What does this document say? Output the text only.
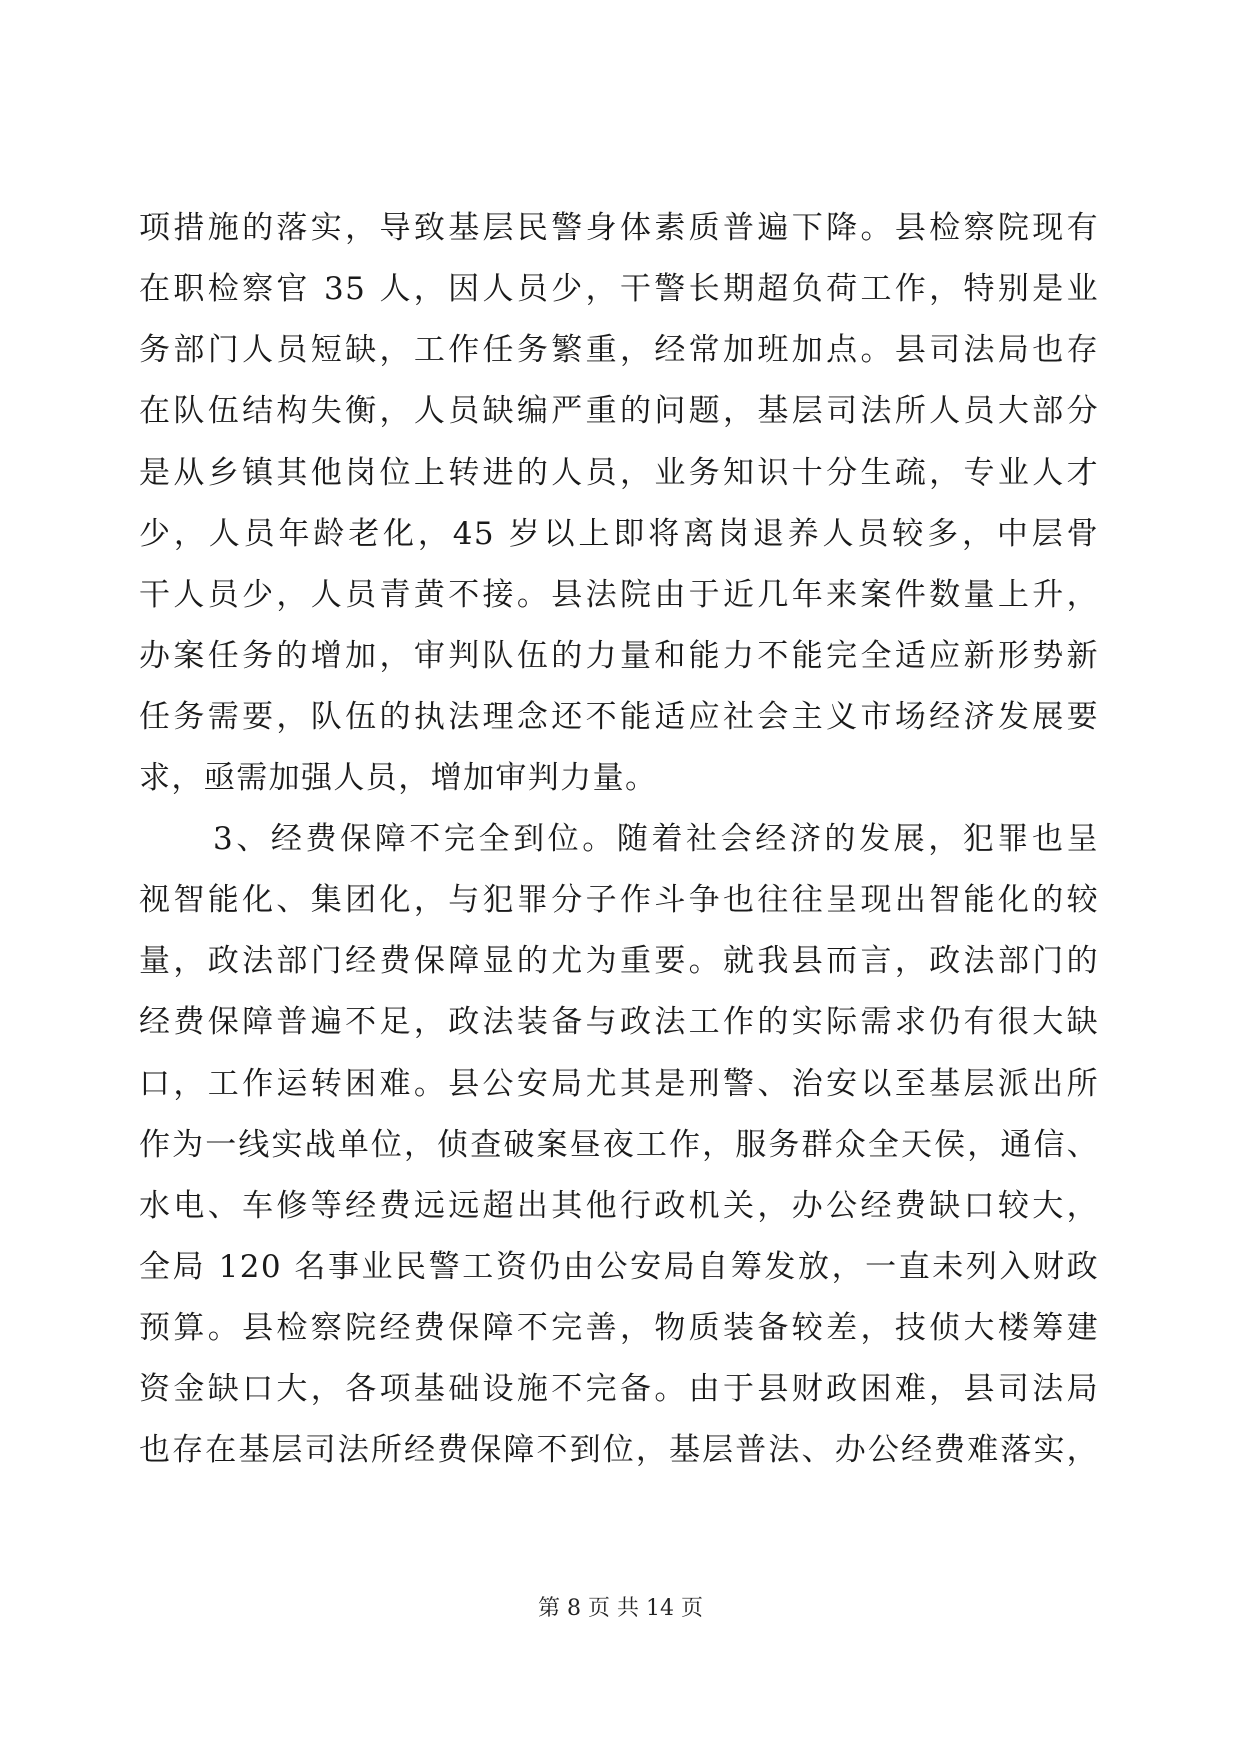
项措施的落实，导致基层民警身体素质普遍下降。县检察院现有
在职检察官 35 人，因人员少，干警长期超负荷工作，特别是业
务部门人员短缺，工作任务繁重，经常加班加点。县司法局也存
在队伍结构失衡，人员缺编严重的问题，基层司法所人员大部分
是从乡镇其他岗位上转进的人员，业务知识十分生疏，专业人才
少，人员年龄老化，45 岁以上即将离岗退养人员较多，中层骨
干人员少，人员青黄不接。县法院由于近几年来案件数量上升，
办案任务的增加，审判队伍的力量和能力不能完全适应新形势新
任务需要，队伍的执法理念还不能适应社会主义市场经济发展要
求，亟需加强人员，增加审判力量。
3、经费保障不完全到位。随着社会经济的发展，犯罪也呈
视智能化、集团化，与犯罪分子作斗争也往往呈现出智能化的较
量，政法部门经费保障显的尤为重要。就我县而言，政法部门的
经费保障普遍不足，政法装备与政法工作的实际需求仍有很大缺
口，工作运转困难。县公安局尤其是刑警、治安以至基层派出所
作为一线实战单位，侦查破案昼夜工作，服务群众全天侯，通信、
水电、车修等经费远远超出其他行政机关，办公经费缺口较大，
全局 120 名事业民警工资仍由公安局自筹发放，一直未列入财政
预算。县检察院经费保障不完善，物质装备较差，技侦大楼筹建
资金缺口大，各项基础设施不完备。由于县财政困难，县司法局
也存在基层司法所经费保障不到位，基层普法、办公经费难落实，
第 8 页 共 14 页
